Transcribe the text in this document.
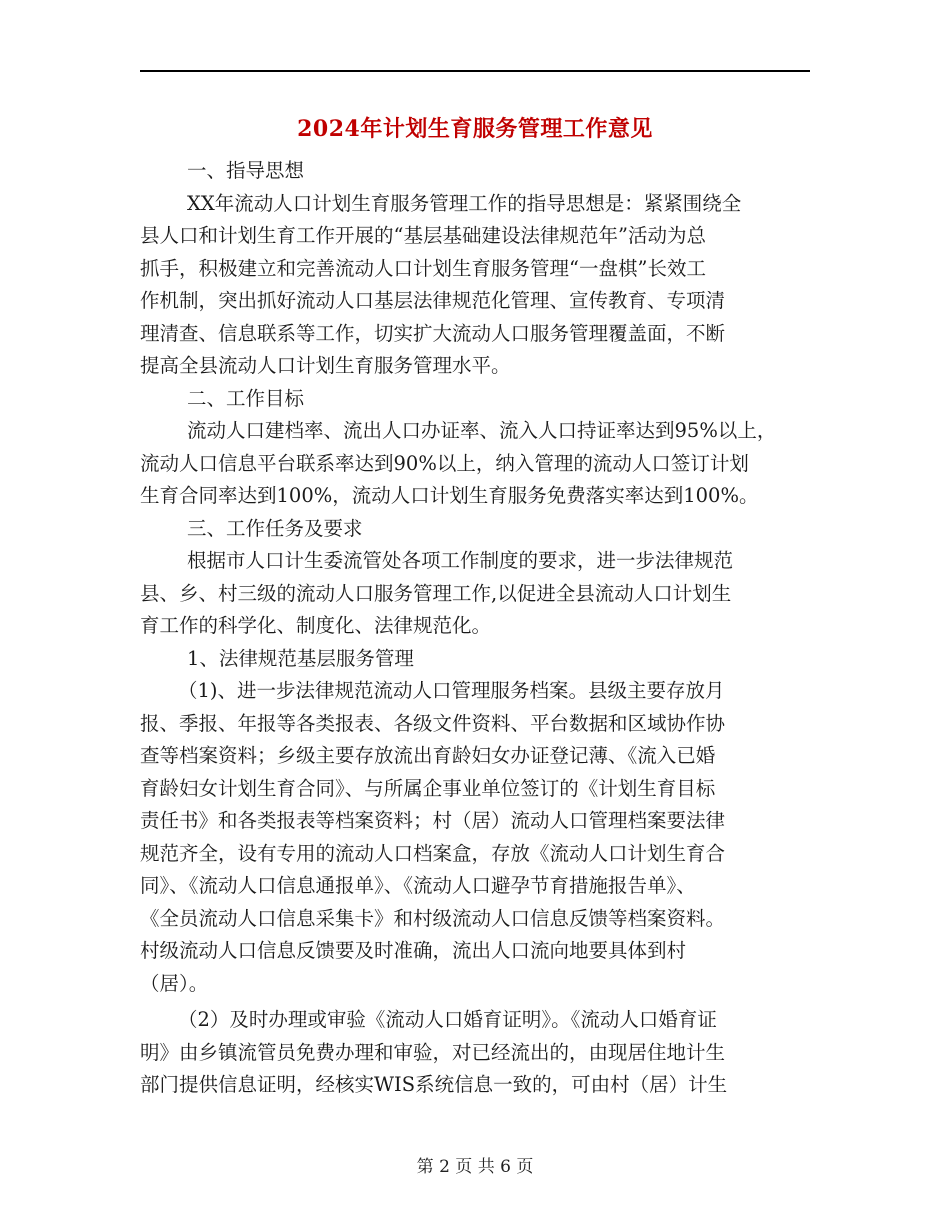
2024年计划生育服务管理工作意见
一、指导思想
XX年流动人口计划生育服务管理工作的指导思想是：紧紧围绕全
县人口和计划生育工作开展的“基层基础建设法律规范年”活动为总
抓手，积极建立和完善流动人口计划生育服务管理“一盘棋”长效工
作机制，突出抓好流动人口基层法律规范化管理、宣传教育、专项清
理清查、信息联系等工作，切实扩大流动人口服务管理覆盖面，不断
提高全县流动人口计划生育服务管理水平。
二、工作目标
流动人口建档率、流出人口办证率、流入人口持证率达到95%以上，
流动人口信息平台联系率达到90%以上，纳入管理的流动人口签订计划
生育合同率达到100%，流动人口计划生育服务免费落实率达到100%。
三、工作任务及要求
根据市人口计生委流管处各项工作制度的要求，进一步法律规范
县、乡、村三级的流动人口服务管理工作,以促进全县流动人口计划生
育工作的科学化、制度化、法律规范化。
1、法律规范基层服务管理
（1)、进一步法律规范流动人口管理服务档案。县级主要存放月
报、季报、年报等各类报表、各级文件资料、平台数据和区域协作协
查等档案资料；乡级主要存放流出育龄妇女办证登记薄、《流入已婚
育龄妇女计划生育合同》、与所属企事业单位签订的《计划生育目标
责任书》和各类报表等档案资料；村（居）流动人口管理档案要法律
规范齐全，设有专用的流动人口档案盒，存放《流动人口计划生育合
同》、《流动人口信息通报单》、《流动人口避孕节育措施报告单》、
《全员流动人口信息采集卡》和村级流动人口信息反馈等档案资料。
村级流动人口信息反馈要及时准确，流出人口流向地要具体到村
（居）。
（2）及时办理或审验《流动人口婚育证明》。《流动人口婚育证
明》由乡镇流管员免费办理和审验，对已经流出的，由现居住地计生
部门提供信息证明，经核实WIS系统信息一致的，可由村（居）计生
第 2 页 共 6 页
